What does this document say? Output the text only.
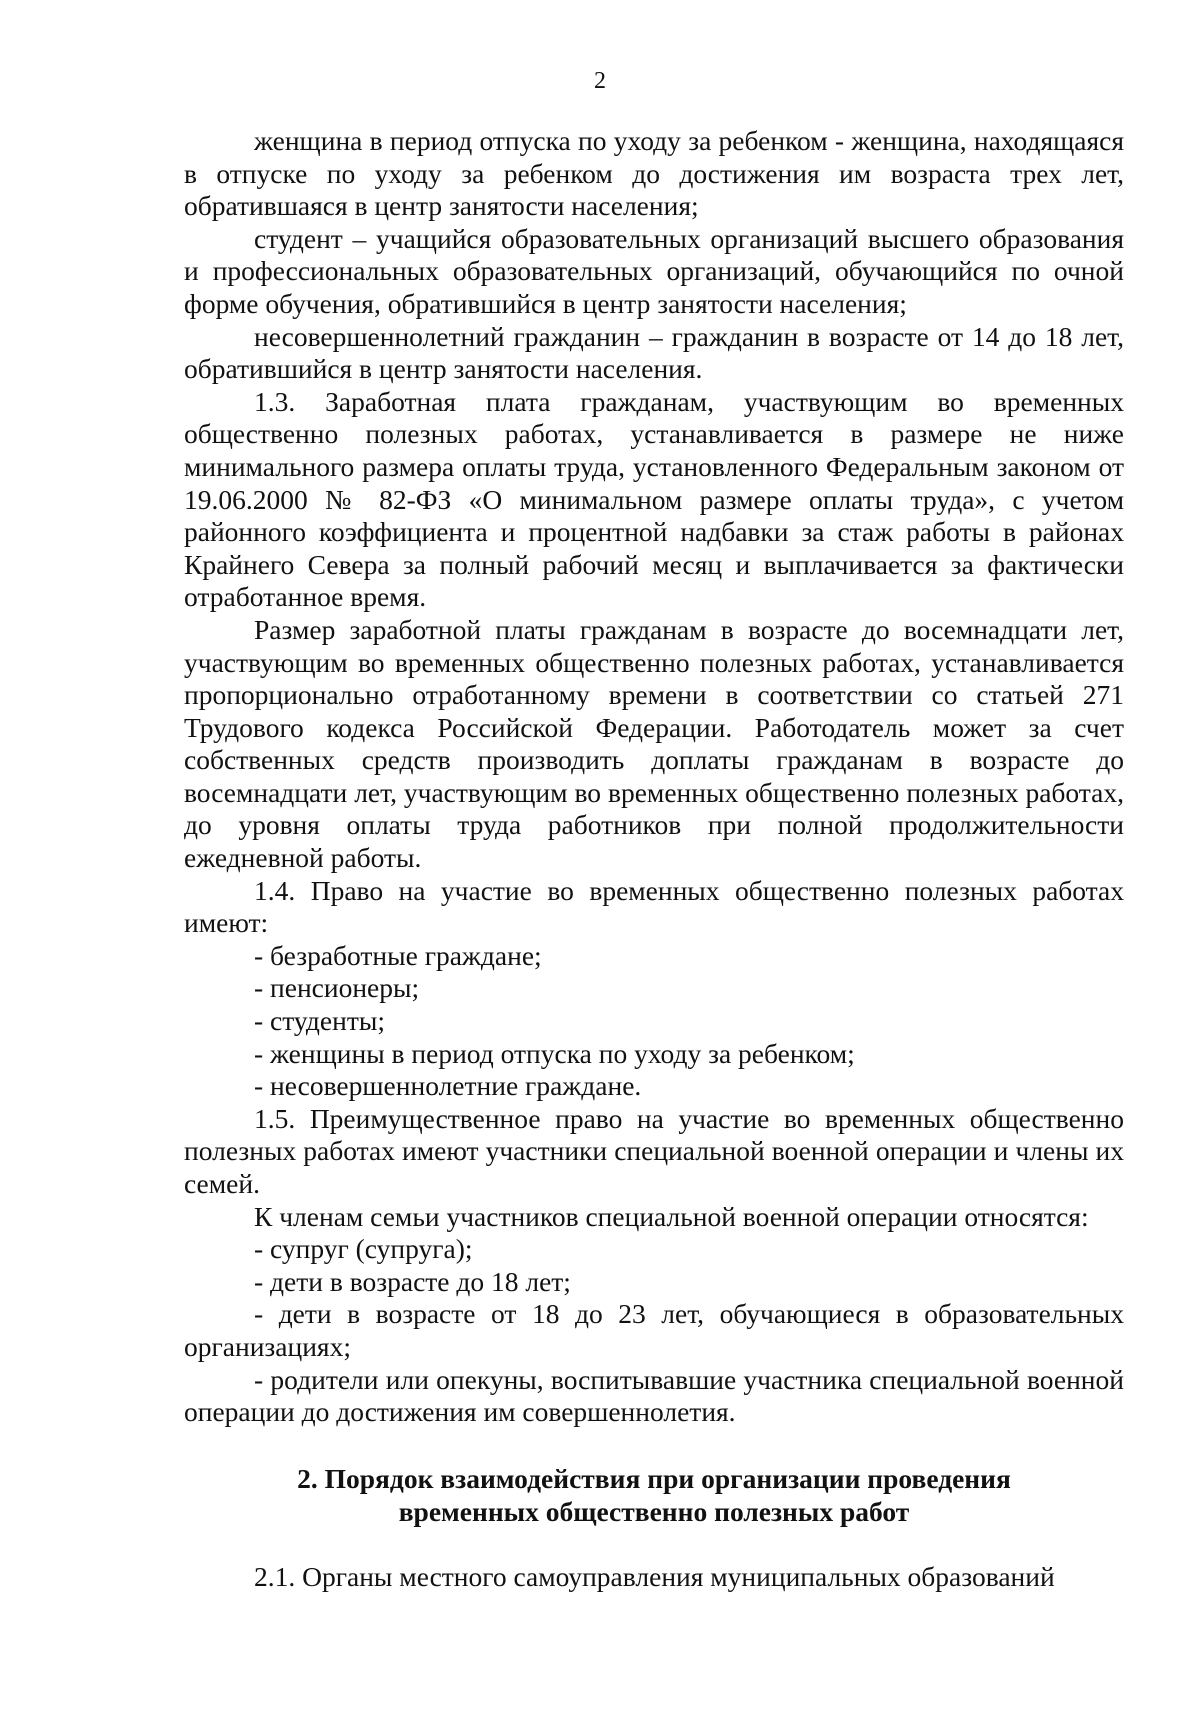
2

женщина в период отпуска по уходу за ребенком - женщина, находящаяся в отпуске по уходу за ребенком до достижения им возраста трех лет, обратившаяся в центр занятости населения;

студент – учащийся образовательных организаций высшего образования и профессиональных образовательных организаций, обучающийся по очной форме обучения, обратившийся в центр занятости населения;

несовершеннолетний гражданин – гражданин в возрасте от 14 до 18 лет, обратившийся в центр занятости населения.

1.3. Заработная плата гражданам, участвующим во временных общественно полезных работах, устанавливается в размере не ниже минимального размера оплаты труда, установленного Федеральным законом от 19.06.2000 № 82-ФЗ «О минимальном размере оплаты труда», с учетом районного коэффициента и процентной надбавки за стаж работы в районах Крайнего Севера за полный рабочий месяц и выплачивается за фактически отработанное время.

Размер заработной платы гражданам в возрасте до восемнадцати лет, участвующим во временных общественно полезных работах, устанавливается пропорционально отработанному времени в соответствии со статьей 271 Трудового кодекса Российской Федерации. Работодатель может за счет собственных средств производить доплаты гражданам в возрасте до восемнадцати лет, участвующим во временных общественно полезных работах, до уровня оплаты труда работников при полной продолжительности ежедневной работы.

1.4. Право на участие во временных общественно полезных работах имеют:

- безработные граждане;

- пенсионеры;

- студенты;

- женщины в период отпуска по уходу за ребенком;

- несовершеннолетние граждане.

1.5. Преимущественное право на участие во временных общественно полезных работах имеют участники специальной военной операции и члены их семей.

К членам семьи участников специальной военной операции относятся:

- супруг (супруга);

- дети в возрасте до 18 лет;

- дети в возрасте от 18 до 23 лет, обучающиеся в образовательных организациях;

- родители или опекуны, воспитывавшие участника специальной военной операции до достижения им совершеннолетия.

2. Порядок взаимодействия при организации проведения
временных общественно полезных работ

2.1. Органы местного самоуправления муниципальных образований
